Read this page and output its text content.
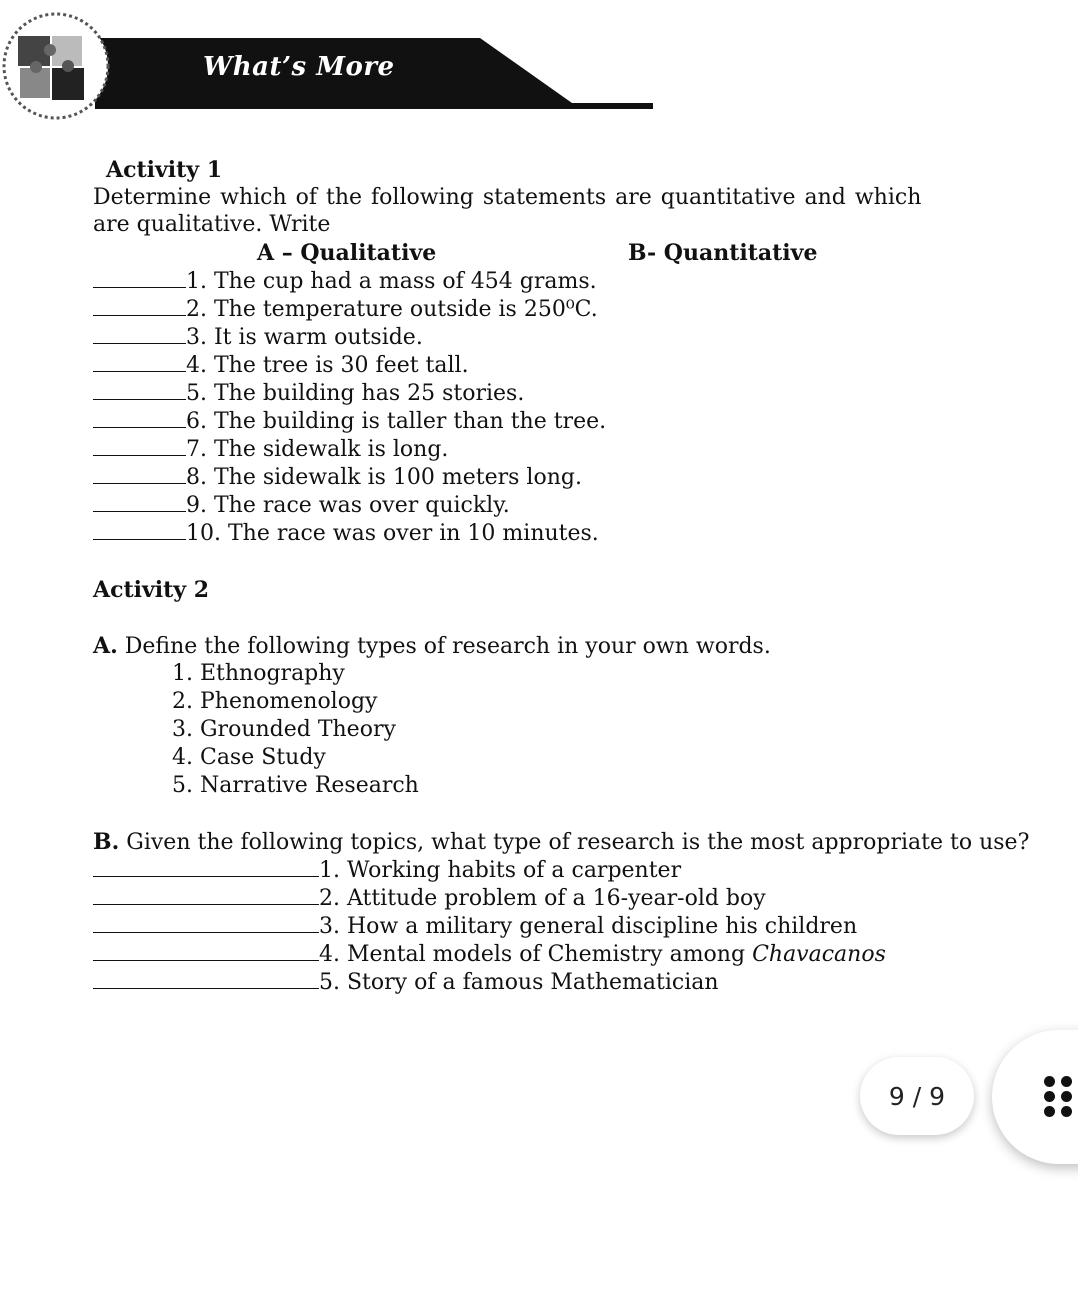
What’s More
Activity 1
Determine which of the following statements are quantitative and which
are qualitative. Write
A – Qualitative	B- Quantitative
1. The cup had a mass of 454 grams.
2. The temperature outside is 250⁰C.
3. It is warm outside.
4. The tree is 30 feet tall.
5. The building has 25 stories.
6. The building is taller than the tree.
7. The sidewalk is long.
8. The sidewalk is 100 meters long.
9. The race was over quickly.
10. The race was over in 10 minutes.
Activity 2
A. Define the following types of research in your own words.
1. Ethnography
2. Phenomenology
3. Grounded Theory
4. Case Study
5. Narrative Research
B. Given the following topics, what type of research is the most appropriate to use?
1. Working habits of a carpenter
2. Attitude problem of a 16-year-old boy
3. How a military general discipline his children
4. Mental models of Chemistry among Chavacanos
5. Story of a famous Mathematician
9 / 9
